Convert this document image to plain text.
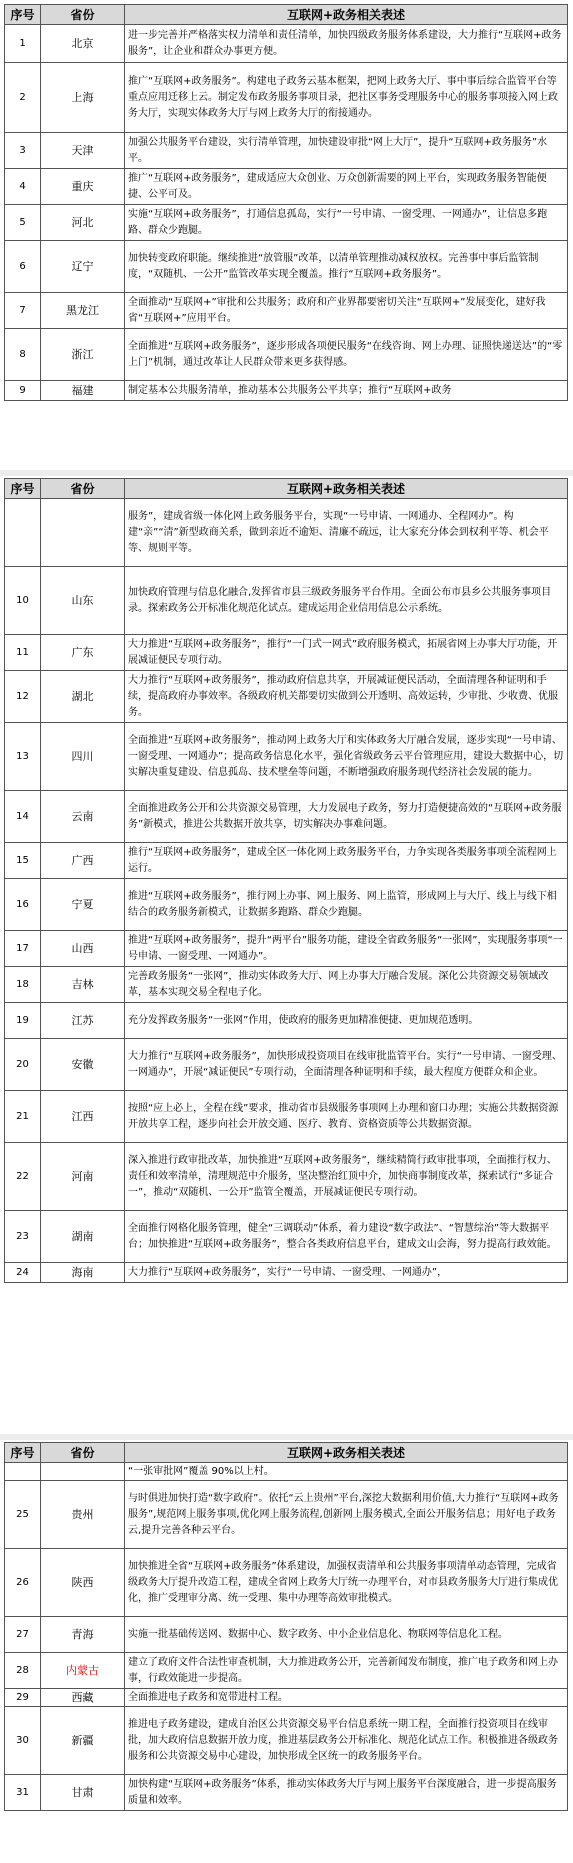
序号	省份	互联网+政务相关表述
1	北京	进一步完善并严格落实权力清单和责任清单，加快四级政务服务体系建设，大力推行“互联网+政务服务”，让企业和群众办事更方便。
2	上海	推广“互联网+政务服务”。构建电子政务云基本框架，把网上政务大厅、事中事后综合监管平台等重点应用迁移上云。制定发布政务服务事项目录，把社区事务受理服务中心的服务事项接入网上政务大厅，实现实体政务大厅与网上政务大厅的衔接通办。
3	天津	加强公共服务平台建设，实行清单管理，加快建设审批“网上大厅”，提升“互联网+政务服务”水平。
4	重庆	推广“互联网+政务服务”，建成适应大众创业、万众创新需要的网上平台，实现政务服务智能便捷、公平可及。
5	河北	实施“互联网+政务服务”，打通信息孤岛，实行“一号申请、一窗受理、一网通办”，让信息多跑路、群众少跑腿。
6	辽宁	加快转变政府职能。继续推进“放管服”改革，以清单管理推动减权放权。完善事中事后监管制度，“双随机、一公开”监管改革实现全覆盖。推行“互联网+政务服务”。
7	黑龙江	全面推动“互联网+”审批和公共服务；政府和产业界都要密切关注“互联网+”发展变化，建好我省“互联网+”应用平台。
8	浙江	全面推进“互联网+政务服务”，逐步形成各项便民服务“在线咨询、网上办理、证照快递送达”的“零上门”机制，通过改革让人民群众带来更多获得感。
9	福建	制定基本公共服务清单，推动基本公共服务公平共享；推行“互联网+政务
序号	省份	互联网+政务相关表述
		服务”，建成省级一体化网上政务服务平台，实现“一号申请、一网通办、全程网办”。构建“亲”“清”新型政商关系，做到亲近不逾矩、清廉不疏远，让大家充分体会到权利平等、机会平等、规则平等。
10	山东	加快政府管理与信息化融合,发挥省市县三级政务服务平台作用。全面公布市县乡公共服务事项目录。探索政务公开标准化规范化试点。建成运用企业信用信息公示系统。
11	广东	大力推进“互联网+政务服务”，推行“一门式一网式”政府服务模式，拓展省网上办事大厅功能，开展减证便民专项行动。
12	湖北	大力推行“互联网+政务服务”，推动政府信息共享，开展减证便民活动，全面清理各种证明和手续，提高政府办事效率。各级政府机关都要切实做到公开透明、高效运转，少审批、少收费、优服务。
13	四川	全面推进“互联网+政务服务”，推动网上政务大厅和实体政务大厅融合发展，逐步实现“一号申请、一窗受理、一网通办”；提高政务信息化水平，强化省级政务云平台管理应用，建设大数据中心，切实解决重复建设、信息孤岛、技术壁垒等问题，不断增强政府服务现代经济社会发展的能力。
14	云南	全面推进政务公开和公共资源交易管理，大力发展电子政务，努力打造便捷高效的“互联网+政务服务”新模式，推进公共数据开放共享，切实解决办事难问题。
15	广西	推行“互联网+政务服务”，建成全区一体化网上政务服务平台，力争实现各类服务事项全流程网上运行。
16	宁夏	推进“互联网+政务服务”，推行网上办事、网上服务、网上监管，形成网上与大厅、线上与线下相结合的政务服务新模式，让数据多跑路、群众少跑腿。
17	山西	推进“互联网+政务服务”，提升“两平台”服务功能，建设全省政务服务“一张网”，实现服务事项“一号申请、一窗受理、一网通办”。
18	吉林	完善政务服务“一张网”，推动实体政务大厅、网上办事大厅融合发展。深化公共资源交易领域改革，基本实现交易全程电子化。
19	江苏	充分发挥政务服务“一张网”作用，使政府的服务更加精准便捷、更加规范透明。
20	安徽	大力推行“互联网+政务服务”，加快形成投资项目在线审批监管平台。实行“一号申请、一窗受理、一网通办”，开展“减证便民”专项行动，全面清理各种证明和手续，最大程度方便群众和企业。
21	江西	按照“应上必上，全程在线”要求，推动省市县级服务事项网上办理和窗口办理；实施公共数据资源开放共享工程，逐步向社会开放交通、医疗、教育、资格资质等公共数据资源。
22	河南	深入推进行政审批改革，加快推进“互联网+政务服务”，继续精简行政审批事项，全面推行权力、责任和效率清单，清理规范中介服务，坚决整治红顶中介，加快商事制度改革，探索试行“多证合一”，推动“双随机、一公开”监管全覆盖，开展减证便民专项行动。
23	湖南	全面推行网格化服务管理，健全“三调联动”体系，着力建设“数字政法”、“智慧综治”等大数据平台；加快推进“互联网+政务服务”，整合各类政府信息平台，建成文山会海，努力提高行政效能。
24	海南	大力推行“互联网+政务服务”，实行“一号申请、一窗受理、一网通办”，
序号	省份	互联网+政务相关表述
		“一张审批网”覆盖 90%以上村。
25	贵州	与时俱进加快打造“数字政府”。依托“云上贵州”平台,深挖大数据利用价值,大力推行“互联网+政务服务”,规范网上服务事项,优化网上服务流程,创新网上服务模式,全面公开服务信息；用好电子政务云,提升完善各种云平台。
26	陕西	加快推进全省“互联网+政务服务”体系建设，加强权责清单和公共服务事项清单动态管理，完成省级政务大厅提升改造工程，建成全省网上政务大厅统一办理平台，对市县政务服务大厅进行集成优化，推广受理审分离、统一受理、集中办理等高效审批模式。
27	青海	实施一批基础传送网、数据中心、数字政务、中小企业信息化、物联网等信息化工程。
28	内蒙古	建立了政府文件合法性审查机制，大力推进政务公开，完善新闻发布制度，推广电子政务和网上办事，行政效能进一步提高。
29	西藏	全面推进电子政务和宽带进村工程。
30	新疆	推进电子政务建设，建成自治区公共资源交易平台信息系统一期工程，全面推行投资项目在线审批，加大政府信息数据开放力度，推进基层政务公开标准化、规范化试点工作。积极推进各级政务服务和公共资源交易中心建设，加快形成全区统一的政务服务平台。
31	甘肃	加快构建“互联网+政务服务”体系，推动实体政务大厅与网上服务平台深度融合，进一步提高服务质量和效率。
